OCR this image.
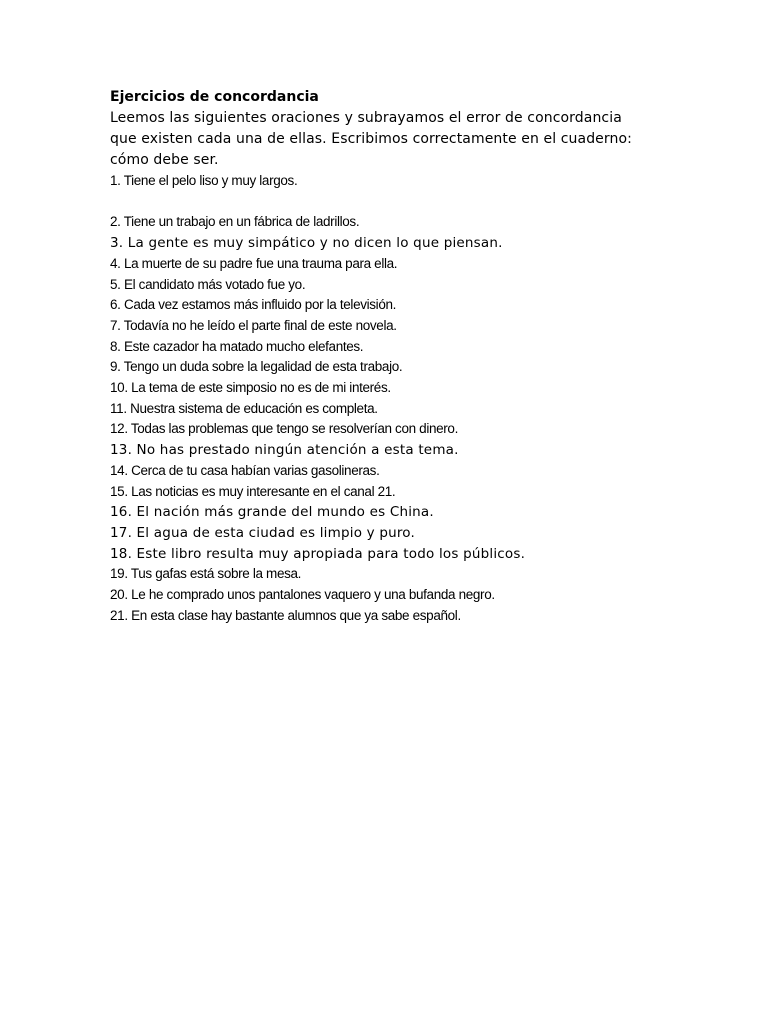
Ejercicios de concordancia

Leemos las siguientes oraciones y subrayamos el error de concordancia
que existen cada una de ellas. Escribimos correctamente en el cuaderno:
cómo debe ser.

1. Tiene el pelo liso y muy largos.
2. Tiene un trabajo en un fábrica de ladrillos.
3. La gente es muy simpático y no dicen lo que piensan.
4. La muerte de su padre fue una trauma para ella.
5. El candidato más votado fue yo.
6. Cada vez estamos más influido por la televisión.
7. Todavía no he leído el parte final de este novela.
8. Este cazador ha matado mucho elefantes.
9. Tengo un duda sobre la legalidad de esta trabajo.
10. La tema de este simposio no es de mi interés.
11. Nuestra sistema de educación es completa.
12. Todas las problemas que tengo se resolverían con dinero.
13. No has prestado ningún atención a esta tema.
14. Cerca de tu casa habían varias gasolineras.
15. Las noticias es muy interesante en el canal 21.
16. El nación más grande del mundo es China.
17. El agua de esta ciudad es limpio y puro.
18. Este libro resulta muy apropiada para todo los públicos.
19. Tus gafas está sobre la mesa.
20. Le he comprado unos pantalones vaquero y una bufanda negro.
21. En esta clase hay bastante alumnos que ya sabe español.
